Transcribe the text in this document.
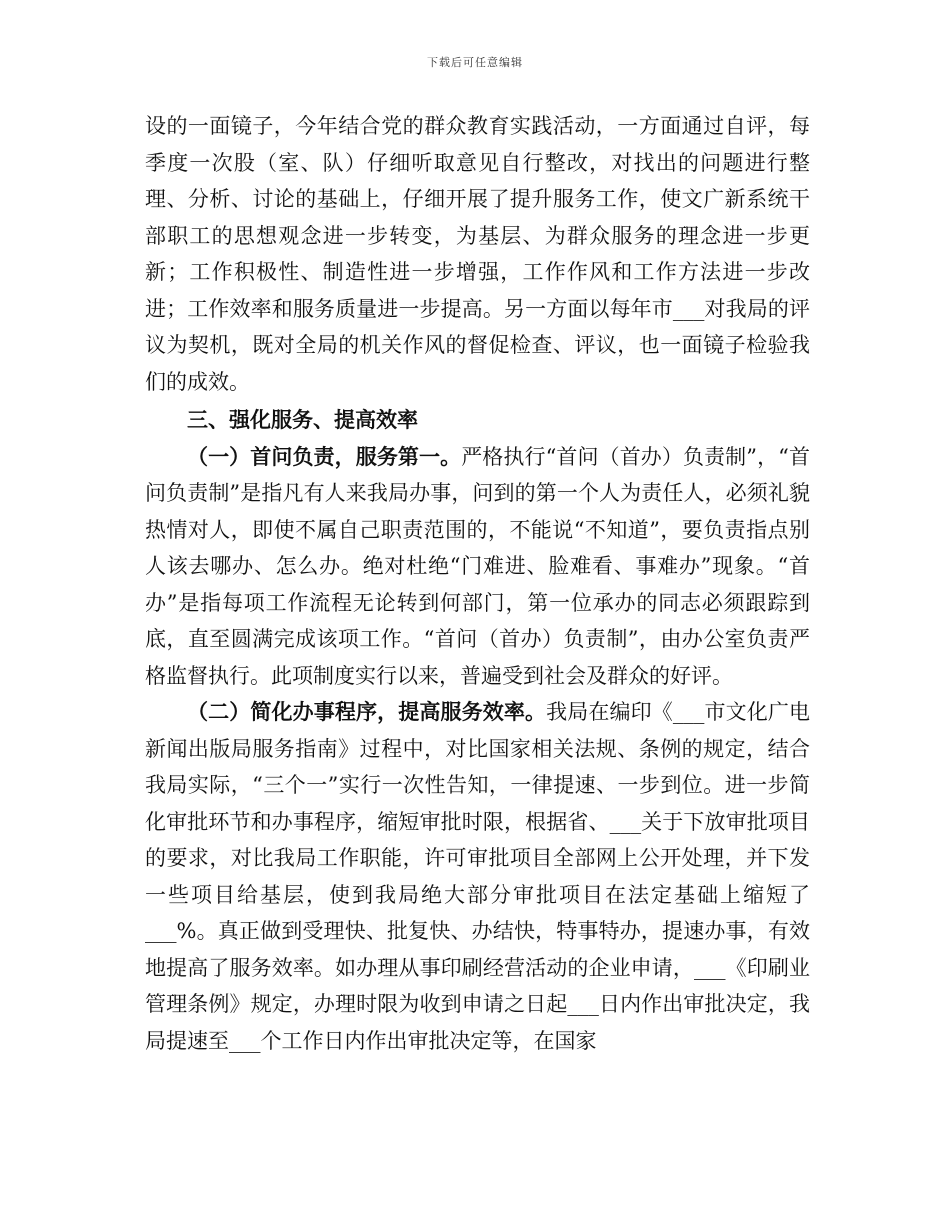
下载后可任意编辑

设的一面镜子，今年结合党的群众教育实践活动，一方面通过自评，每季度一次股（室、队）仔细听取意见自行整改，对找出的问题进行整理、分析、讨论的基础上，仔细开展了提升服务工作，使文广新系统干部职工的思想观念进一步转变，为基层、为群众服务的理念进一步更新；工作积极性、制造性进一步增强，工作作风和工作方法进一步改进；工作效率和服务质量进一步提高。另一方面以每年市___对我局的评议为契机，既对全局的机关作风的督促检查、评议，也一面镜子检验我们的成效。

三、强化服务、提高效率

（一）首问负责，服务第一。严格执行“首问（首办）负责制”，“首问负责制”是指凡有人来我局办事，问到的第一个人为责任人，必须礼貌热情对人，即使不属自己职责范围的，不能说“不知道”，要负责指点别人该去哪办、怎么办。绝对杜绝“门难进、脸难看、事难办”现象。“首办”是指每项工作流程无论转到何部门，第一位承办的同志必须跟踪到底，直至圆满完成该项工作。“首问（首办）负责制”，由办公室负责严格监督执行。此项制度实行以来，普遍受到社会及群众的好评。

（二）简化办事程序，提高服务效率。我局在编印《___市文化广电新闻出版局服务指南》过程中，对比国家相关法规、条例的规定，结合我局实际，“三个一”实行一次性告知，一律提速、一步到位。进一步简化审批环节和办事程序，缩短审批时限，根据省、___关于下放审批项目的要求，对比我局工作职能，许可审批项目全部网上公开处理，并下发一些项目给基层，使到我局绝大部分审批项目在法定基础上缩短了___%。真正做到受理快、批复快、办结快，特事特办，提速办事，有效地提高了服务效率。如办理从事印刷经营活动的企业申请，___《印刷业管理条例》规定，办理时限为收到申请之日起___日内作出审批决定，我局提速至___个工作日内作出审批决定等，在国家
